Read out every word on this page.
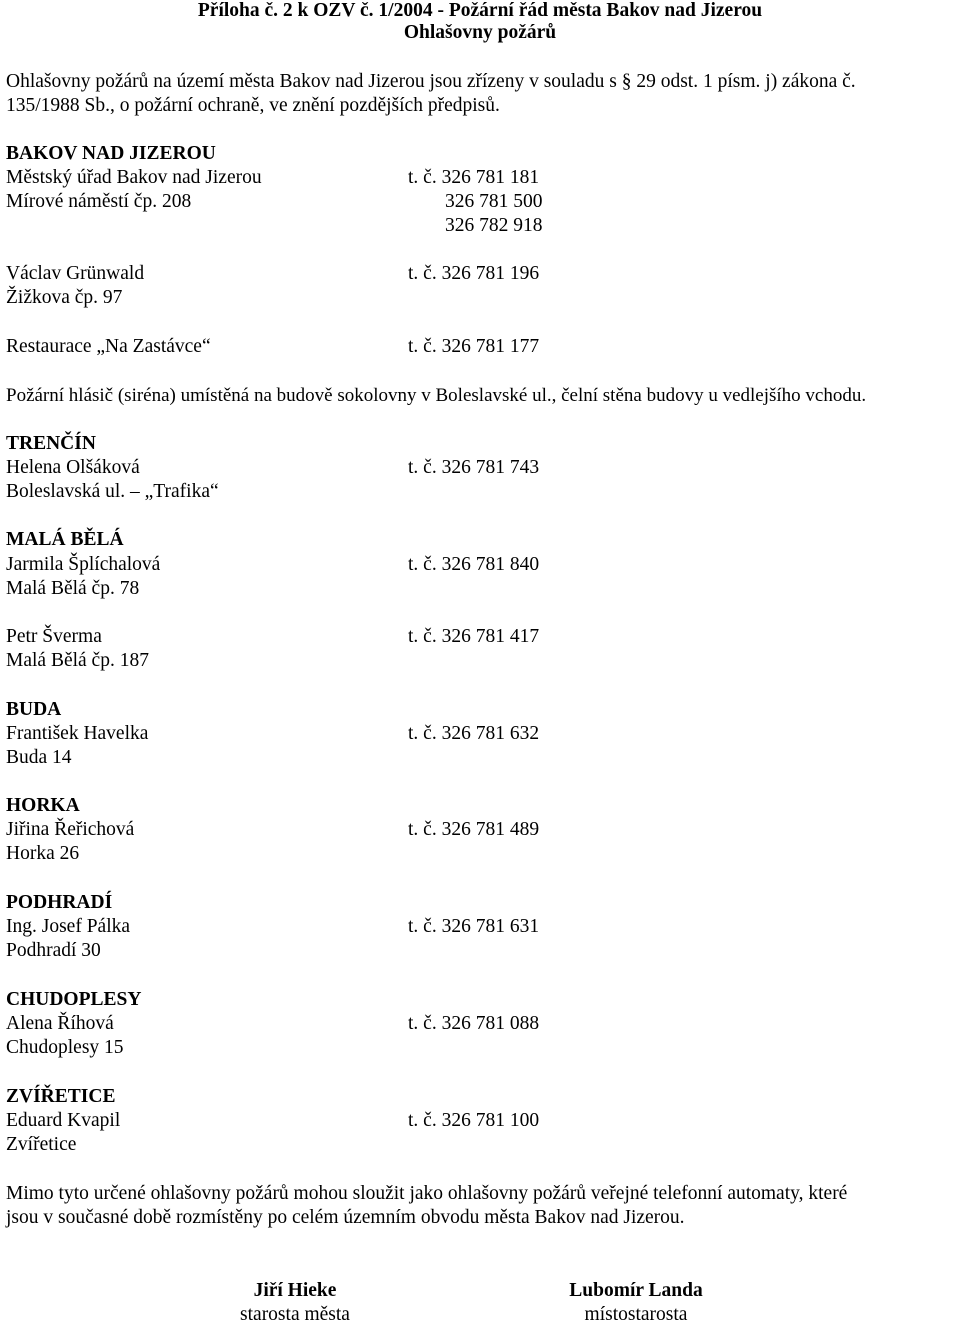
Příloha č. 2 k OZV č. 1/2004 - Požární řád města Bakov nad Jizerou
Ohlašovny požárů
Ohlašovny požárů na území města Bakov nad Jizerou jsou zřízeny v souladu s § 29 odst. 1 písm. j) zákona č.
135/1988 Sb., o požární ochraně, ve znění pozdějších předpisů.
BAKOV NAD JIZEROU
Městský úřad Bakov nad Jizerou	t. č. 326 781 181
Mírové náměstí čp. 208	326 781 500
326 782 918
Václav Grünwald	t. č. 326 781 196
Žižkova čp. 97
Restaurace „Na Zastávce“	t. č. 326 781 177
Požární hlásič (siréna) umístěná na budově sokolovny v Boleslavské ul., čelní stěna budovy u vedlejšího vchodu.
TRENČÍN
Helena Olšáková	t. č. 326 781 743
Boleslavská ul. – „Trafika“
MALÁ BĚLÁ
Jarmila Šplíchalová	t. č. 326 781 840
Malá Bělá čp. 78
Petr Šverma	t. č. 326 781 417
Malá Bělá čp. 187
BUDA
František Havelka	t. č. 326 781 632
Buda 14
HORKA
Jiřina Řeřichová	t. č. 326 781 489
Horka 26
PODHRADÍ
Ing. Josef Pálka	t. č. 326 781 631
Podhradí 30
CHUDOPLESY
Alena Říhová	t. č. 326 781 088
Chudoplesy 15
ZVÍŘETICE
Eduard Kvapil	t. č. 326 781 100
Zvířetice
Mimo tyto určené ohlašovny požárů mohou sloužit jako ohlašovny požárů veřejné telefonní automaty, které
jsou v současné době rozmístěny po celém územním obvodu města Bakov nad Jizerou.
Jiří Hieke
starosta města
Lubomír Landa
místostarosta
